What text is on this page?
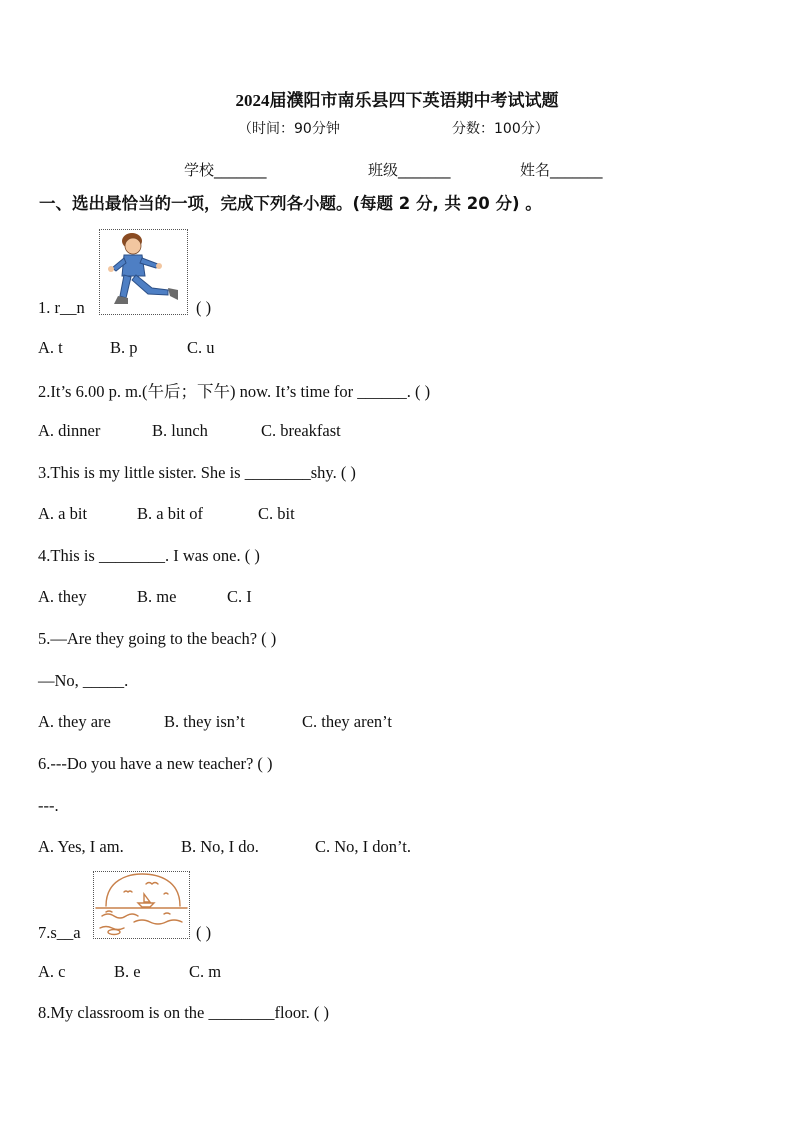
2024届濮阳市南乐县四下英语期中考试试题
（时间：90分钟	分数：100分）
学校_______	班级_______	姓名_______
一、选出最恰当的一项，完成下列各小题。(每题 2 分, 共 20 分) 。
1. r__n	( )
A. t	B. p	C. u
2.It’s 6.00 p. m.(午后；下午) now. It’s time for ______. ( )
A. dinner	B. lunch	C. breakfast
3.This is my little sister. She is ________shy. ( )
A. a bit	B. a bit of	C. bit
4.This is ________. I was one. ( )
A. they	B. me	C. I
5.—Are they going to the beach? ( )
—No, _____.
A. they are	B. they isn’t	C. they aren’t
6.---Do you have a new teacher? ( )
---.
A. Yes, I am.	B. No, I do.	C. No, I don’t.
7.s__a	( )
A. c	B. e	C. m
8.My classroom is on the ________floor. ( )
